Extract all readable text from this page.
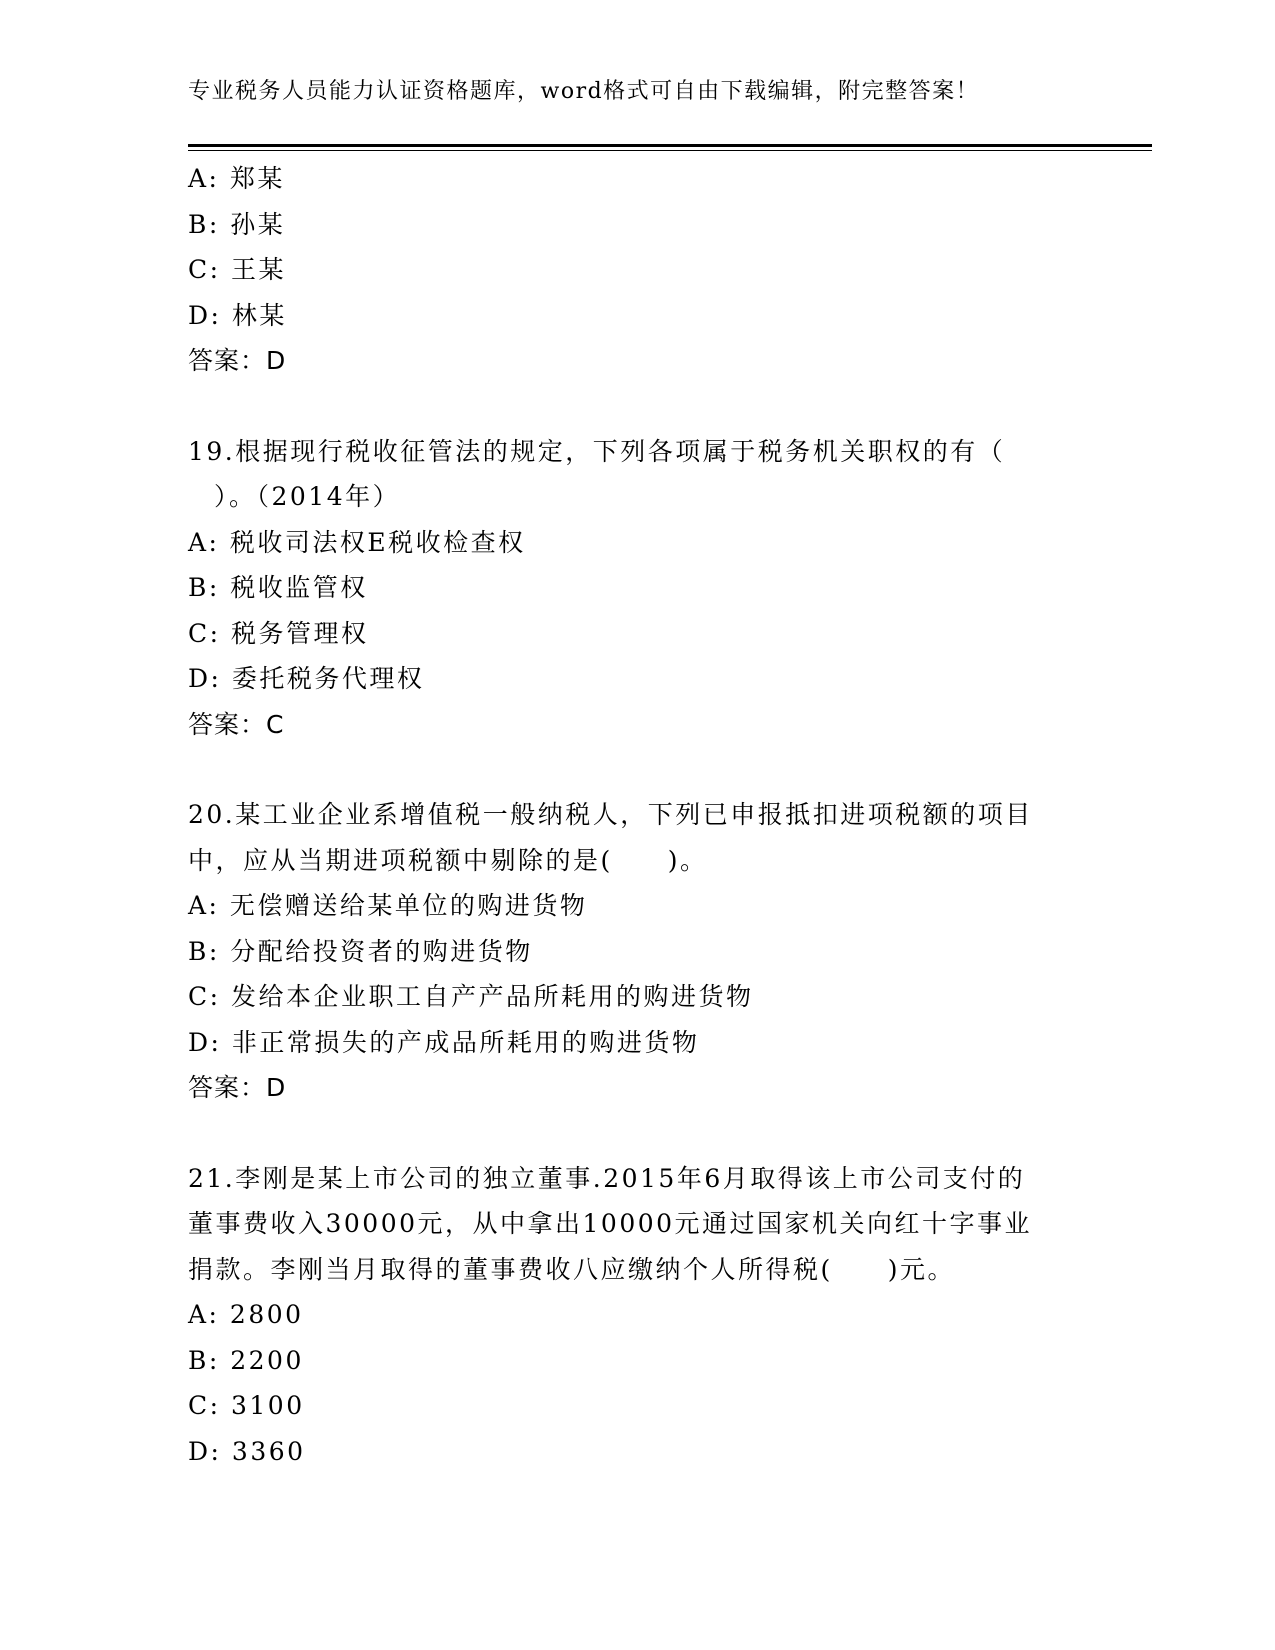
专业税务人员能力认证资格题库，word格式可自由下载编辑，附完整答案！
A: 郑某
B: 孙某
C: 王某
D: 林某
答案：D
19.根据现行税收征管法的规定，下列各项属于税务机关职权的有（
）。（2014年）
A: 税收司法权E税收检查权
B: 税收监管权
C: 税务管理权
D: 委托税务代理权
答案：C
20.某工业企业系增值税一般纳税人，下列已申报抵扣进项税额的项目
中，应从当期进项税额中剔除的是(　　)。
A: 无偿赠送给某单位的购进货物
B: 分配给投资者的购进货物
C: 发给本企业职工自产产品所耗用的购进货物
D: 非正常损失的产成品所耗用的购进货物
答案：D
21.李刚是某上市公司的独立董事.2015年6月取得该上市公司支付的
董事费收入30000元，从中拿出10000元通过国家机关向红十字事业
捐款。李刚当月取得的董事费收八应缴纳个人所得税(　　)元。
A: 2800
B: 2200
C: 3100
D: 3360
